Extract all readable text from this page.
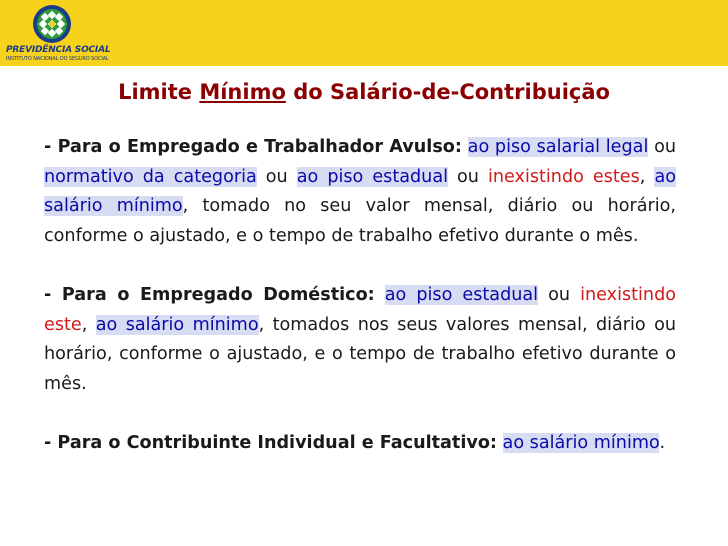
PREVIDÊNCIA SOCIAL
INSTITUTO NACIONAL DO SEGURO SOCIAL
Limite Mínimo do Salário-de-Contribuição

- Para o Empregado e Trabalhador Avulso: ao piso salarial legal ou normativo da categoria ou ao piso estadual ou inexistindo estes, ao salário mínimo, tomado no seu valor mensal, diário ou horário, conforme o ajustado, e o tempo de trabalho efetivo durante o mês.

- Para o Empregado Doméstico: ao piso estadual ou inexistindo este, ao salário mínimo, tomados nos seus valores mensal, diário ou horário, conforme o ajustado, e o tempo de trabalho efetivo durante o mês.

- Para o Contribuinte Individual e Facultativo: ao salário mínimo.
